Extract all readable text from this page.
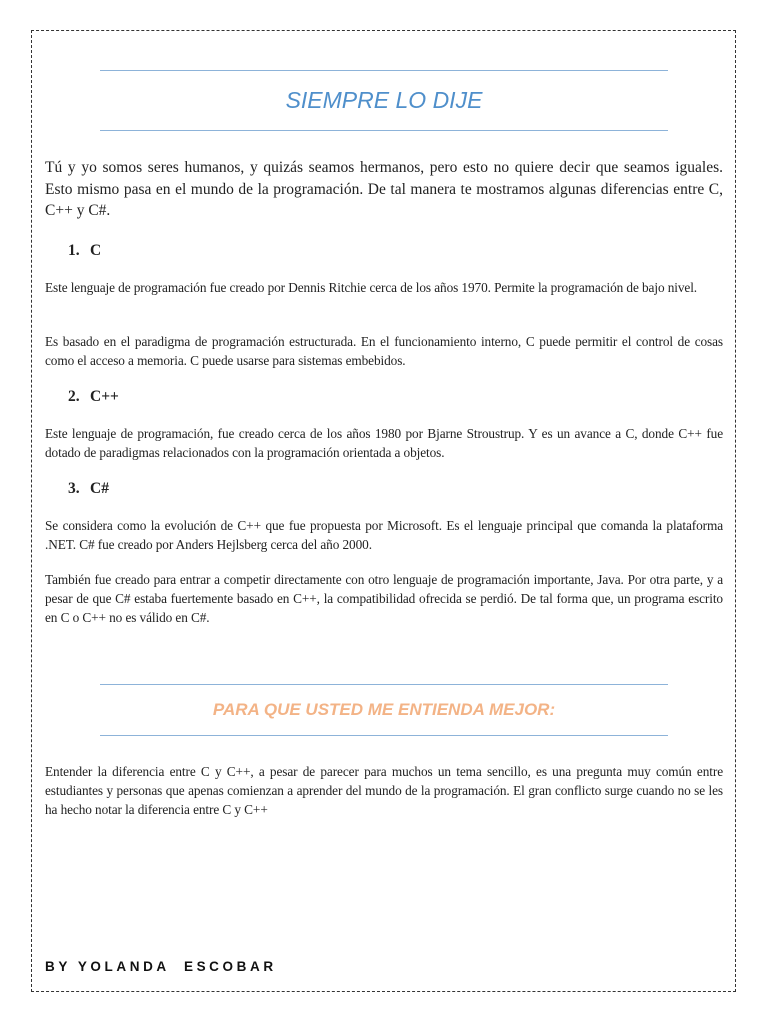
SIEMPRE LO DIJE

Tú y yo somos seres humanos, y quizás seamos hermanos, pero esto no quiere decir que seamos iguales. Esto mismo pasa en el mundo de la programación. De tal manera te mostramos algunas diferencias entre C, C++ y C#.

1. C

Este lenguaje de programación fue creado por Dennis Ritchie cerca de los años 1970. Permite la programación de bajo nivel.

Es basado en el paradigma de programación estructurada. En el funcionamiento interno, C puede permitir el control de cosas como el acceso a memoria. C puede usarse para sistemas embebidos.

2. C++

Este lenguaje de programación, fue creado cerca de los años 1980 por Bjarne Stroustrup. Y es un avance a C, donde C++ fue dotado de paradigmas relacionados con la programación orientada a objetos.

3. C#

Se considera como la evolución de C++ que fue propuesta por Microsoft. Es el lenguaje principal que comanda la plataforma .NET. C# fue creado por Anders Hejlsberg cerca del año 2000.

También fue creado para entrar a competir directamente con otro lenguaje de programación importante, Java. Por otra parte, y a pesar de que C# estaba fuertemente basado en C++, la compatibilidad ofrecida se perdió. De tal forma que, un programa escrito en C o C++ no es válido en C#.

PARA QUE USTED ME ENTIENDA MEJOR:

Entender la diferencia entre C y C++, a pesar de parecer para muchos un tema sencillo, es una pregunta muy común entre estudiantes y personas que apenas comienzan a aprender del mundo de la programación. El gran conflicto surge cuando no se les ha hecho notar la diferencia entre C y C++

BY YOLANDA  ESCOBAR
